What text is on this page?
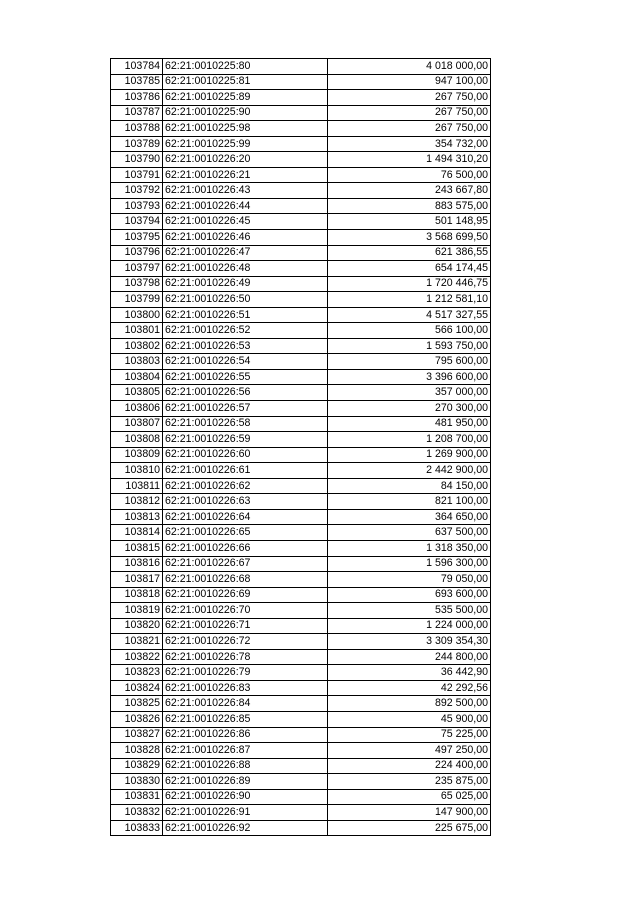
103784	62:21:0010225:80	4 018 000,00
103785	62:21:0010225:81	947 100,00
103786	62:21:0010225:89	267 750,00
103787	62:21:0010225:90	267 750,00
103788	62:21:0010225:98	267 750,00
103789	62:21:0010225:99	354 732,00
103790	62:21:0010226:20	1 494 310,20
103791	62:21:0010226:21	76 500,00
103792	62:21:0010226:43	243 667,80
103793	62:21:0010226:44	883 575,00
103794	62:21:0010226:45	501 148,95
103795	62:21:0010226:46	3 568 699,50
103796	62:21:0010226:47	621 386,55
103797	62:21:0010226:48	654 174,45
103798	62:21:0010226:49	1 720 446,75
103799	62:21:0010226:50	1 212 581,10
103800	62:21:0010226:51	4 517 327,55
103801	62:21:0010226:52	566 100,00
103802	62:21:0010226:53	1 593 750,00
103803	62:21:0010226:54	795 600,00
103804	62:21:0010226:55	3 396 600,00
103805	62:21:0010226:56	357 000,00
103806	62:21:0010226:57	270 300,00
103807	62:21:0010226:58	481 950,00
103808	62:21:0010226:59	1 208 700,00
103809	62:21:0010226:60	1 269 900,00
103810	62:21:0010226:61	2 442 900,00
103811	62:21:0010226:62	84 150,00
103812	62:21:0010226:63	821 100,00
103813	62:21:0010226:64	364 650,00
103814	62:21:0010226:65	637 500,00
103815	62:21:0010226:66	1 318 350,00
103816	62:21:0010226:67	1 596 300,00
103817	62:21:0010226:68	79 050,00
103818	62:21:0010226:69	693 600,00
103819	62:21:0010226:70	535 500,00
103820	62:21:0010226:71	1 224 000,00
103821	62:21:0010226:72	3 309 354,30
103822	62:21:0010226:78	244 800,00
103823	62:21:0010226:79	36 442,90
103824	62:21:0010226:83	42 292,56
103825	62:21:0010226:84	892 500,00
103826	62:21:0010226:85	45 900,00
103827	62:21:0010226:86	75 225,00
103828	62:21:0010226:87	497 250,00
103829	62:21:0010226:88	224 400,00
103830	62:21:0010226:89	235 875,00
103831	62:21:0010226:90	65 025,00
103832	62:21:0010226:91	147 900,00
103833	62:21:0010226:92	225 675,00
